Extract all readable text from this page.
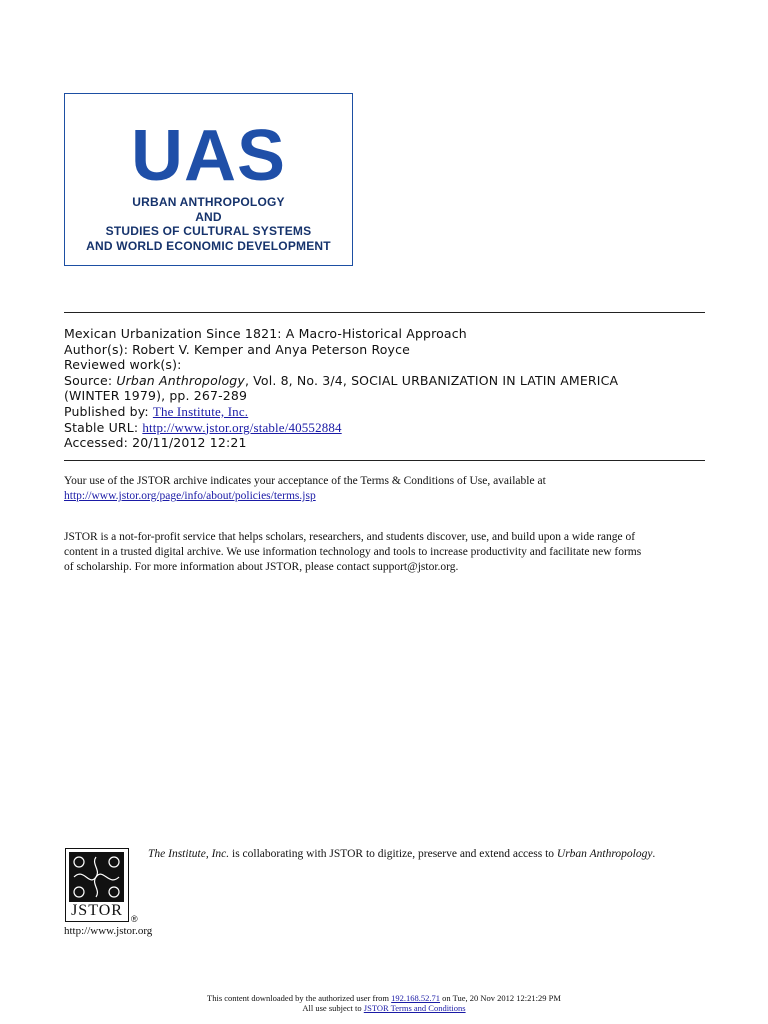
UAS
URBAN ANTHROPOLOGY
AND
STUDIES OF CULTURAL SYSTEMS
AND WORLD ECONOMIC DEVELOPMENT
Mexican Urbanization Since 1821: A Macro-Historical Approach
Author(s): Robert V. Kemper and Anya Peterson Royce
Reviewed work(s):
Source: Urban Anthropology, Vol. 8, No. 3/4, SOCIAL URBANIZATION IN LATIN AMERICA
(WINTER 1979), pp. 267-289
Published by: The Institute, Inc.
Stable URL: http://www.jstor.org/stable/40552884
Accessed: 20/11/2012 12:21
Your use of the JSTOR archive indicates your acceptance of the Terms & Conditions of Use, available at
http://www.jstor.org/page/info/about/policies/terms.jsp
JSTOR is a not-for-profit service that helps scholars, researchers, and students discover, use, and build upon a wide range of
content in a trusted digital archive. We use information technology and tools to increase productivity and facilitate new forms
of scholarship. For more information about JSTOR, please contact support@jstor.org.
JSTOR ®
http://www.jstor.org
The Institute, Inc. is collaborating with JSTOR to digitize, preserve and extend access to Urban Anthropology.
This content downloaded by the authorized user from 192.168.52.71 on Tue, 20 Nov 2012 12:21:29 PM
All use subject to JSTOR Terms and Conditions
